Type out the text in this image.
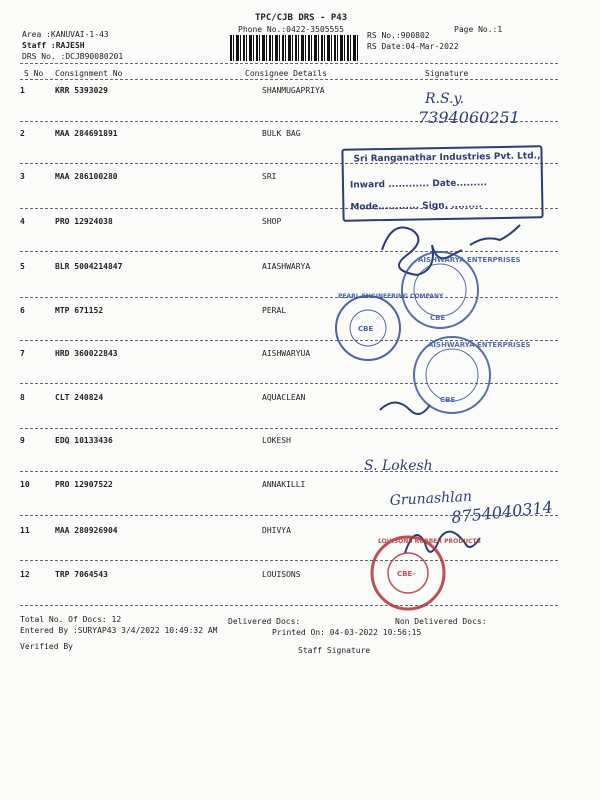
TPC/CJB DRS - P43
Phone No.:0422-3505555	Page No.:1
Area :KANUVAI-1-43
Staff :RAJESH
DRS No. :DCJB90080201
RS No.:900802
RS Date:04-Mar-2022
S No Consignment No	Consignee Details	Signature
1	KRR 5393029	SHANMUGAPRIYA
2	MAA 284691891	BULK BAG
3	MAA 286100280	SRI
4	PRO 12924038	SHOP
5	BLR 5004214847	AIASHWARYA
6	MTP 671152	PERAL
7	HRD 360022843	AISHWARYUA
8	CLT 240824	AQUACLEAN
9	EDQ 10133436	LOKESH
10	PRO 12907522	ANNAKILLI
11	MAA 280926904	DHIVYA
12	TRP 7064543	LOUISONS
Total No. Of Docs: 12	Delivered Docs:	Non Delivered Docs:
Entered By :SURYAP43 3/4/2022 10:49:32 AM	Printed On: 04-03-2022 10:56:15
Verified By	Staff Signature
Sri Ranganathar Industries Pvt. Ltd.,
Inward ............ Date.........
Mode............ Sign. .........
R.S.y.
7394060251
S. Lokesh
Grunashlan
8754040314
AISHWARYA ENTERPRISES
CBE
PEARL ENGINEERING COMPANY
CBE
AISHWARYA ENTERPRISES
CBE
LOUISONS RUBBER PRODUCTS
CBE-
